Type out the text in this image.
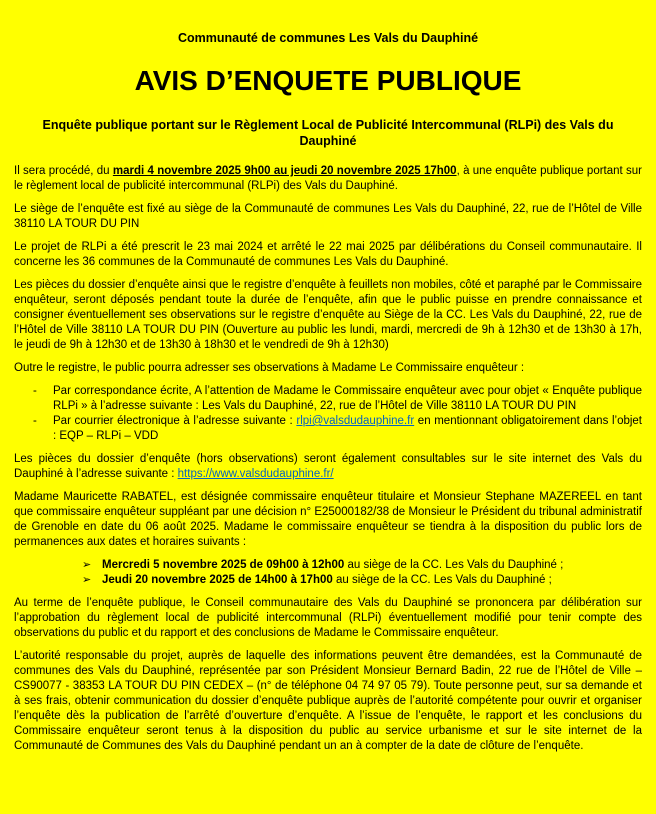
Communauté de communes Les Vals du Dauphiné
AVIS D’ENQUETE PUBLIQUE
Enquête publique portant sur le Règlement Local de Publicité Intercommunal (RLPi) des Vals du Dauphiné

Il sera procédé, du mardi 4 novembre 2025 9h00 au jeudi 20 novembre 2025 17h00, à une enquête publique portant sur le règlement local de publicité intercommunal (RLPi) des Vals du Dauphiné.

Le siège de l’enquête est fixé au siège de la Communauté de communes Les Vals du Dauphiné, 22, rue de l’Hôtel de Ville 38110 LA TOUR DU PIN

Le projet de RLPi a été prescrit le 23 mai 2024 et arrêté le 22 mai 2025 par délibérations du Conseil communautaire. Il concerne les 36 communes de la Communauté de communes Les Vals du Dauphiné.

Les pièces du dossier d’enquête ainsi que le registre d’enquête à feuillets non mobiles, côté et paraphé par le Commissaire enquêteur, seront déposés pendant toute la durée de l’enquête, afin que le public puisse en prendre connaissance et consigner éventuellement ses observations sur le registre d’enquête au Siège de la CC. Les Vals du Dauphiné, 22, rue de l’Hôtel de Ville 38110 LA TOUR DU PIN (Ouverture au public les lundi, mardi, mercredi de 9h à 12h30 et de 13h30 à 17h, le jeudi de 9h à 12h30 et de 13h30 à 18h30 et le vendredi de 9h à 12h30)

Outre le registre, le public pourra adresser ses observations à Madame Le Commissaire enquêteur :

-	Par correspondance écrite, A l’attention de Madame le Commissaire enquêteur avec pour objet « Enquête publique RLPi » à l’adresse suivante : Les Vals du Dauphiné, 22, rue de l’Hôtel de Ville 38110 LA TOUR DU PIN
-	Par courrier électronique à l’adresse suivante : rlpi@valsdudauphine.fr en mentionnant obligatoirement dans l’objet : EQP – RLPi – VDD

Les pièces du dossier d’enquête (hors observations) seront également consultables sur le site internet des Vals du Dauphiné à l’adresse suivante : https://www.valsdudauphine.fr/

Madame Mauricette RABATEL, est désignée commissaire enquêteur titulaire et Monsieur Stephane MAZEREEL en tant que commissaire enquêteur suppléant par une décision n° E25000182/38 de Monsieur le Président du tribunal administratif de Grenoble en date du 06 août 2025. Madame le commissaire enquêteur se tiendra à la disposition du public lors de permanences aux dates et horaires suivants :

➢ Mercredi 5 novembre 2025 de 09h00 à 12h00 au siège de la CC. Les Vals du Dauphiné ;
➢ Jeudi 20 novembre 2025 de 14h00 à 17h00 au siège de la CC. Les Vals du Dauphiné ;

Au terme de l’enquête publique, le Conseil communautaire des Vals du Dauphiné se prononcera par délibération sur l’approbation du règlement local de publicité intercommunal (RLPi) éventuellement modifié pour tenir compte des observations du public et du rapport et des conclusions de Madame le Commissaire enquêteur.

L’autorité responsable du projet, auprès de laquelle des informations peuvent être demandées, est la Communauté de communes des Vals du Dauphiné, représentée par son Président Monsieur Bernard Badin, 22 rue de l’Hôtel de Ville – CS90077 - 38353 LA TOUR DU PIN CEDEX – (n° de téléphone 04 74 97 05 79). Toute personne peut, sur sa demande et à ses frais, obtenir communication du dossier d’enquête publique auprès de l’autorité compétente pour ouvrir et organiser l’enquête dès la publication de l’arrêté d’ouverture d’enquête. A l’issue de l’enquête, le rapport et les conclusions du Commissaire enquêteur seront tenus à la disposition du public au service urbanisme et sur le site internet de la Communauté de Communes des Vals du Dauphiné pendant un an à compter de la date de clôture de l’enquête.
